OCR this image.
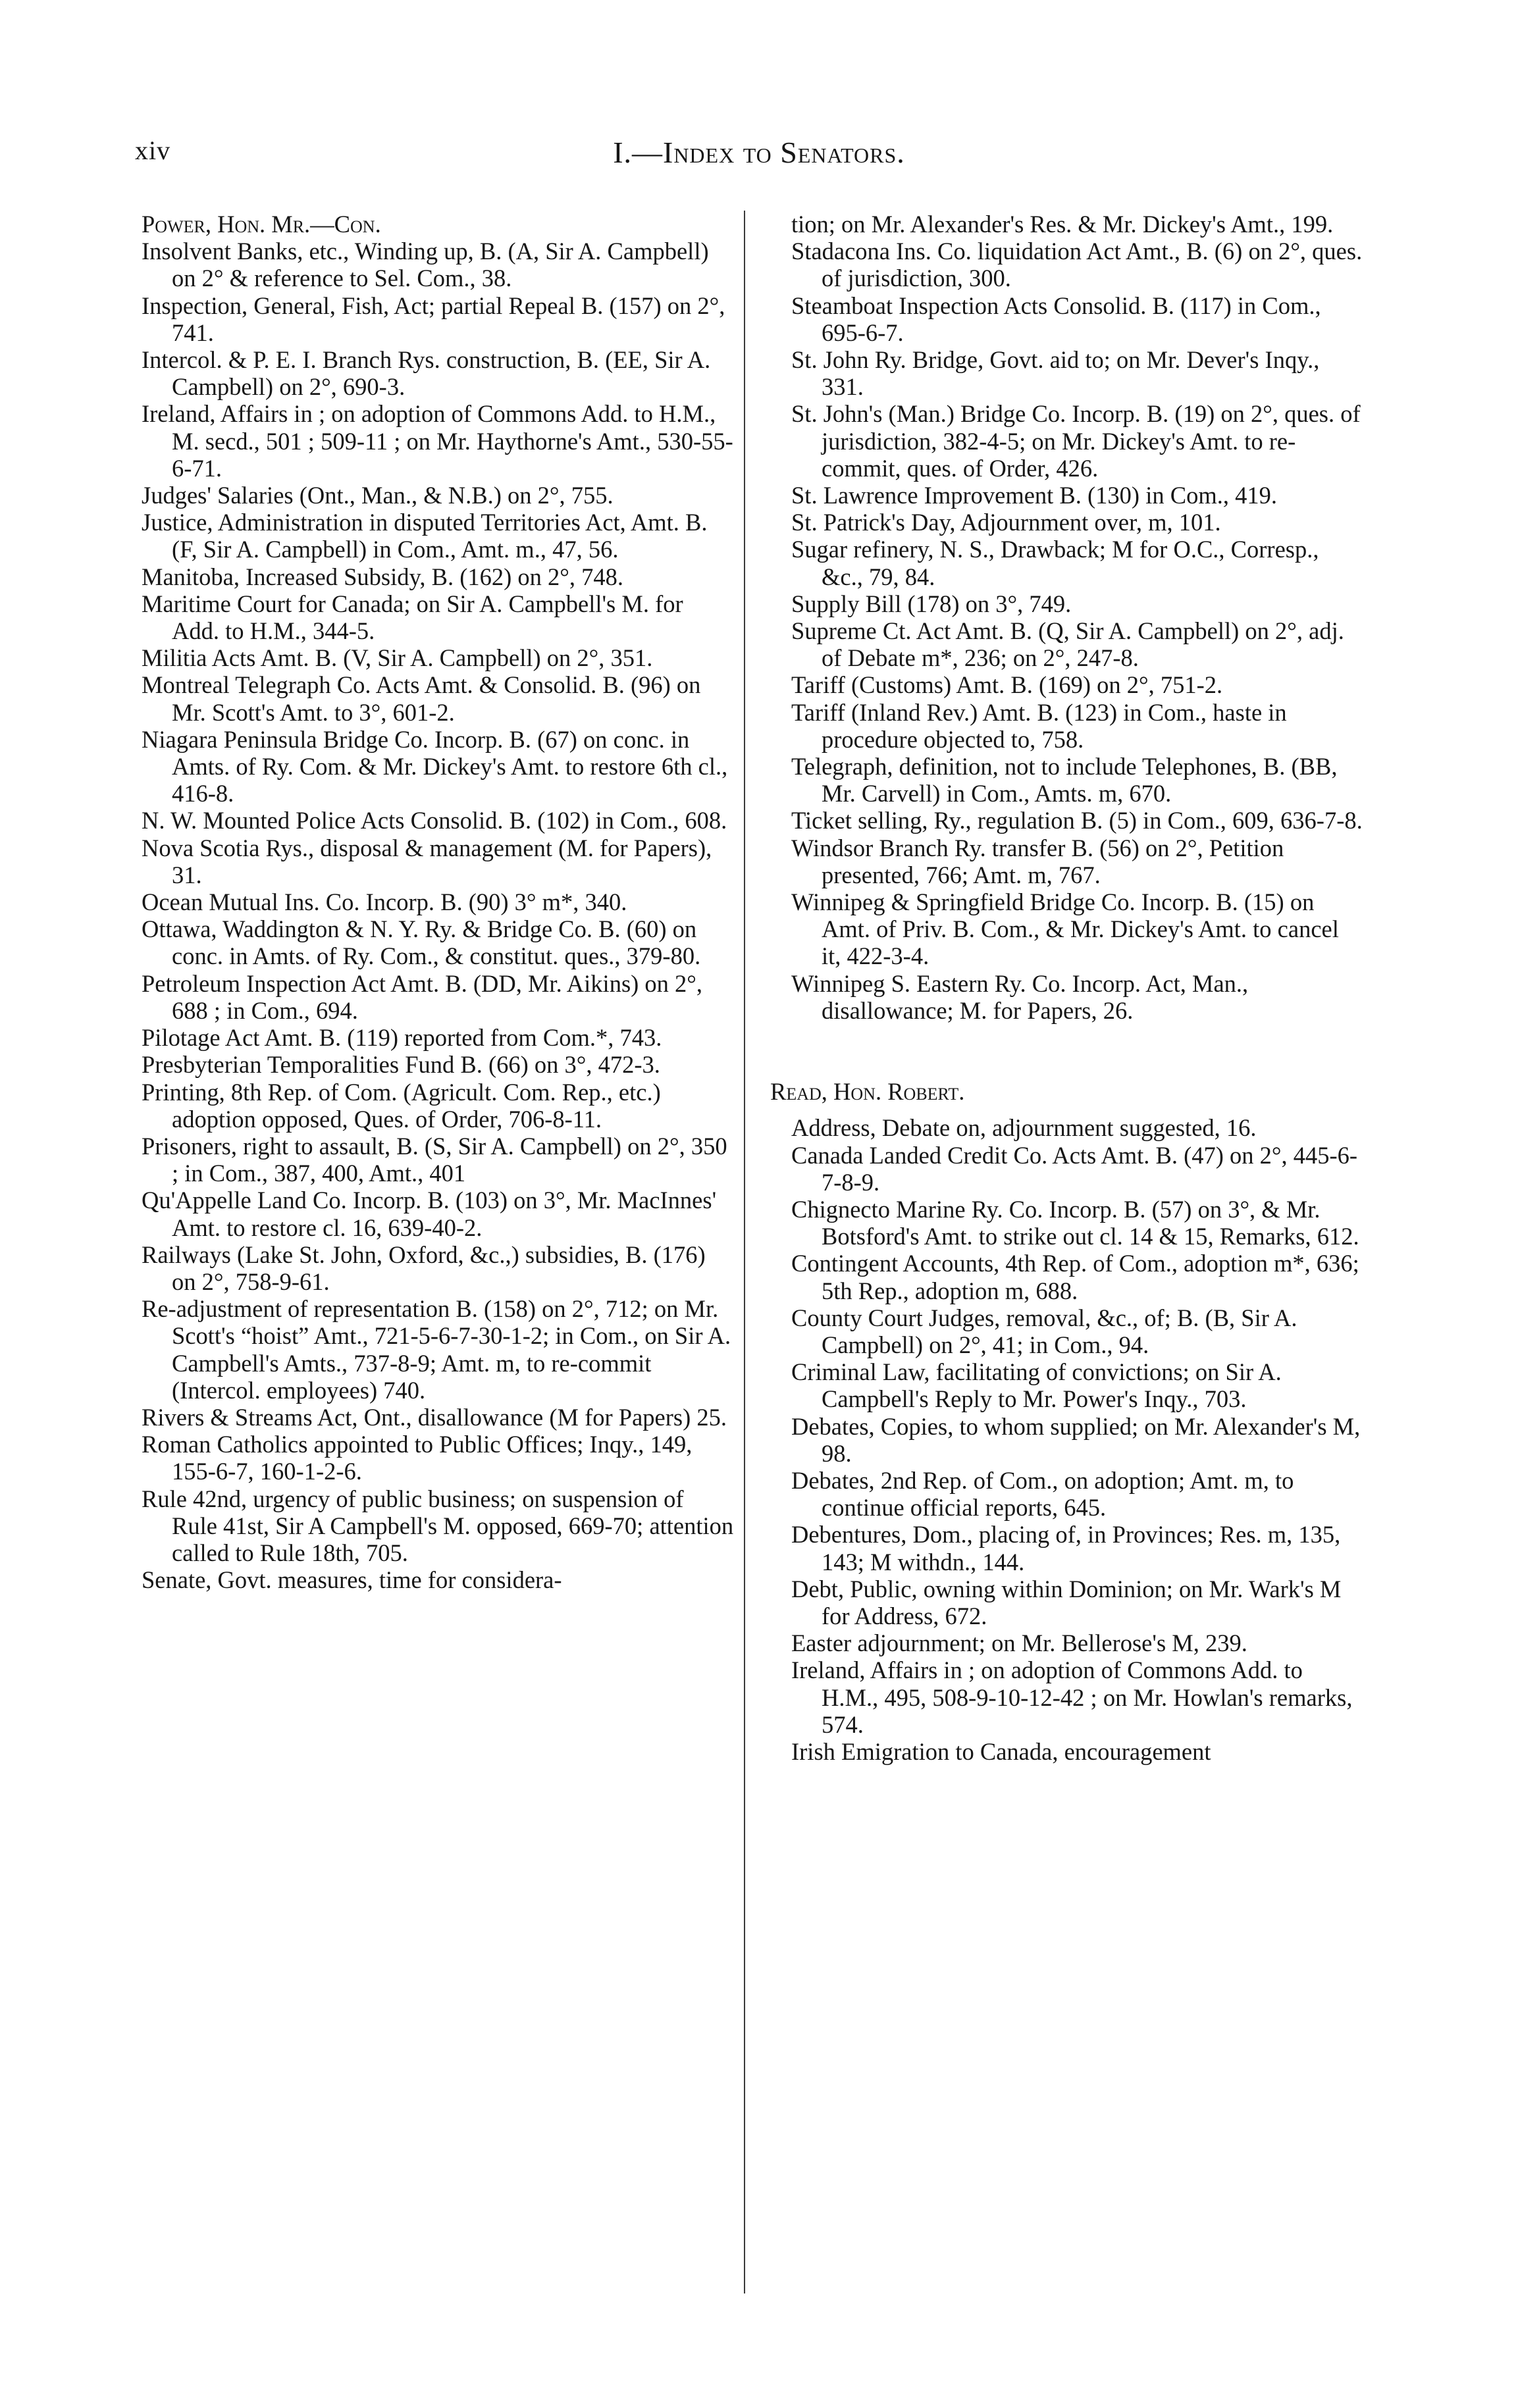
xiv	I.—Index to Senators.

Power, Hon. Mr.—Con.

Insolvent Banks, etc., Winding up, B. (A, Sir A. Campbell) on 2° & reference to Sel. Com., 38.

Inspection, General, Fish, Act; partial Repeal B. (157) on 2°, 741.

Intercol. & P. E. I. Branch Rys. construction, B. (EE, Sir A. Campbell) on 2°, 690-3.

Ireland, Affairs in ; on adoption of Commons Add. to H.M., M. secd., 501 ; 509-11 ; on Mr. Haythorne's Amt., 530-55-6-71.

Judges' Salaries (Ont., Man., & N.B.) on 2°, 755.

Justice, Administration in disputed Territories Act, Amt. B. (F, Sir A. Campbell) in Com., Amt. m., 47, 56.

Manitoba, Increased Subsidy, B. (162) on 2°, 748.

Maritime Court for Canada; on Sir A. Campbell's M. for Add. to H.M., 344-5.

Militia Acts Amt. B. (V, Sir A. Campbell) on 2°, 351.

Montreal Telegraph Co. Acts Amt. & Consolid. B. (96) on Mr. Scott's Amt. to 3°, 601-2.

Niagara Peninsula Bridge Co. Incorp. B. (67) on conc. in Amts. of Ry. Com. & Mr. Dickey's Amt. to restore 6th cl., 416-8.

N. W. Mounted Police Acts Consolid. B. (102) in Com., 608.

Nova Scotia Rys., disposal & management (M. for Papers), 31.

Ocean Mutual Ins. Co. Incorp. B. (90) 3° m*, 340.

Ottawa, Waddington & N. Y. Ry. & Bridge Co. B. (60) on conc. in Amts. of Ry. Com., & constitut. ques., 379-80.

Petroleum Inspection Act Amt. B. (DD, Mr. Aikins) on 2°, 688 ; in Com., 694.

Pilotage Act Amt. B. (119) reported from Com.*, 743.

Presbyterian Temporalities Fund B. (66) on 3°, 472-3.

Printing, 8th Rep. of Com. (Agricult. Com. Rep., etc.) adoption opposed, Ques. of Order, 706-8-11.

Prisoners, right to assault, B. (S, Sir A. Campbell) on 2°, 350 ; in Com., 387, 400, Amt., 401

Qu'Appelle Land Co. Incorp. B. (103) on 3°, Mr. MacInnes' Amt. to restore cl. 16, 639-40-2.

Railways (Lake St. John, Oxford, &c.,) subsidies, B. (176) on 2°, 758-9-61.

Re-adjustment of representation B. (158) on 2°, 712; on Mr. Scott's “hoist” Amt., 721-5-6-7-30-1-2; in Com., on Sir A. Campbell's Amts., 737-8-9; Amt. m, to re-commit (Intercol. employees) 740.

Rivers & Streams Act, Ont., disallowance (M for Papers) 25.

Roman Catholics appointed to Public Offices; Inqy., 149, 155-6-7, 160-1-2-6.

Rule 42nd, urgency of public business; on suspension of Rule 41st, Sir A Campbell's M. opposed, 669-70; attention called to Rule 18th, 705.

Senate, Govt. measures, time for considera-

tion; on Mr. Alexander's Res. & Mr. Dickey's Amt., 199.

Stadacona Ins. Co. liquidation Act Amt., B. (6) on 2°, ques. of jurisdiction, 300.

Steamboat Inspection Acts Consolid. B. (117) in Com., 695-6-7.

St. John Ry. Bridge, Govt. aid to; on Mr. Dever's Inqy., 331.

St. John's (Man.) Bridge Co. Incorp. B. (19) on 2°, ques. of jurisdiction, 382-4-5; on Mr. Dickey's Amt. to re-commit, ques. of Order, 426.

St. Lawrence Improvement B. (130) in Com., 419.

St. Patrick's Day, Adjournment over, m, 101.

Sugar refinery, N. S., Drawback; M for O.C., Corresp., &c., 79, 84.

Supply Bill (178) on 3°, 749.

Supreme Ct. Act Amt. B. (Q, Sir A. Campbell) on 2°, adj. of Debate m*, 236; on 2°, 247-8.

Tariff (Customs) Amt. B. (169) on 2°, 751-2.

Tariff (Inland Rev.) Amt. B. (123) in Com., haste in procedure objected to, 758.

Telegraph, definition, not to include Telephones, B. (BB, Mr. Carvell) in Com., Amts. m, 670.

Ticket selling, Ry., regulation B. (5) in Com., 609, 636-7-8.

Windsor Branch Ry. transfer B. (56) on 2°, Petition presented, 766; Amt. m, 767.

Winnipeg & Springfield Bridge Co. Incorp. B. (15) on Amt. of Priv. B. Com., & Mr. Dickey's Amt. to cancel it, 422-3-4.

Winnipeg S. Eastern Ry. Co. Incorp. Act, Man., disallowance; M. for Papers, 26.

Read, Hon. Robert.

Address, Debate on, adjournment suggested, 16.

Canada Landed Credit Co. Acts Amt. B. (47) on 2°, 445-6-7-8-9.

Chignecto Marine Ry. Co. Incorp. B. (57) on 3°, & Mr. Botsford's Amt. to strike out cl. 14 & 15, Remarks, 612.

Contingent Accounts, 4th Rep. of Com., adoption m*, 636; 5th Rep., adoption m, 688.

County Court Judges, removal, &c., of; B. (B, Sir A. Campbell) on 2°, 41; in Com., 94.

Criminal Law, facilitating of convictions; on Sir A. Campbell's Reply to Mr. Power's Inqy., 703.

Debates, Copies, to whom supplied; on Mr. Alexander's M, 98.

Debates, 2nd Rep. of Com., on adoption; Amt. m, to continue official reports, 645.

Debentures, Dom., placing of, in Provinces; Res. m, 135, 143; M withdn., 144.

Debt, Public, owning within Dominion; on Mr. Wark's M for Address, 672.

Easter adjournment; on Mr. Bellerose's M, 239.

Ireland, Affairs in ; on adoption of Commons Add. to H.M., 495, 508-9-10-12-42 ; on Mr. Howlan's remarks, 574.

Irish Emigration to Canada, encouragement
